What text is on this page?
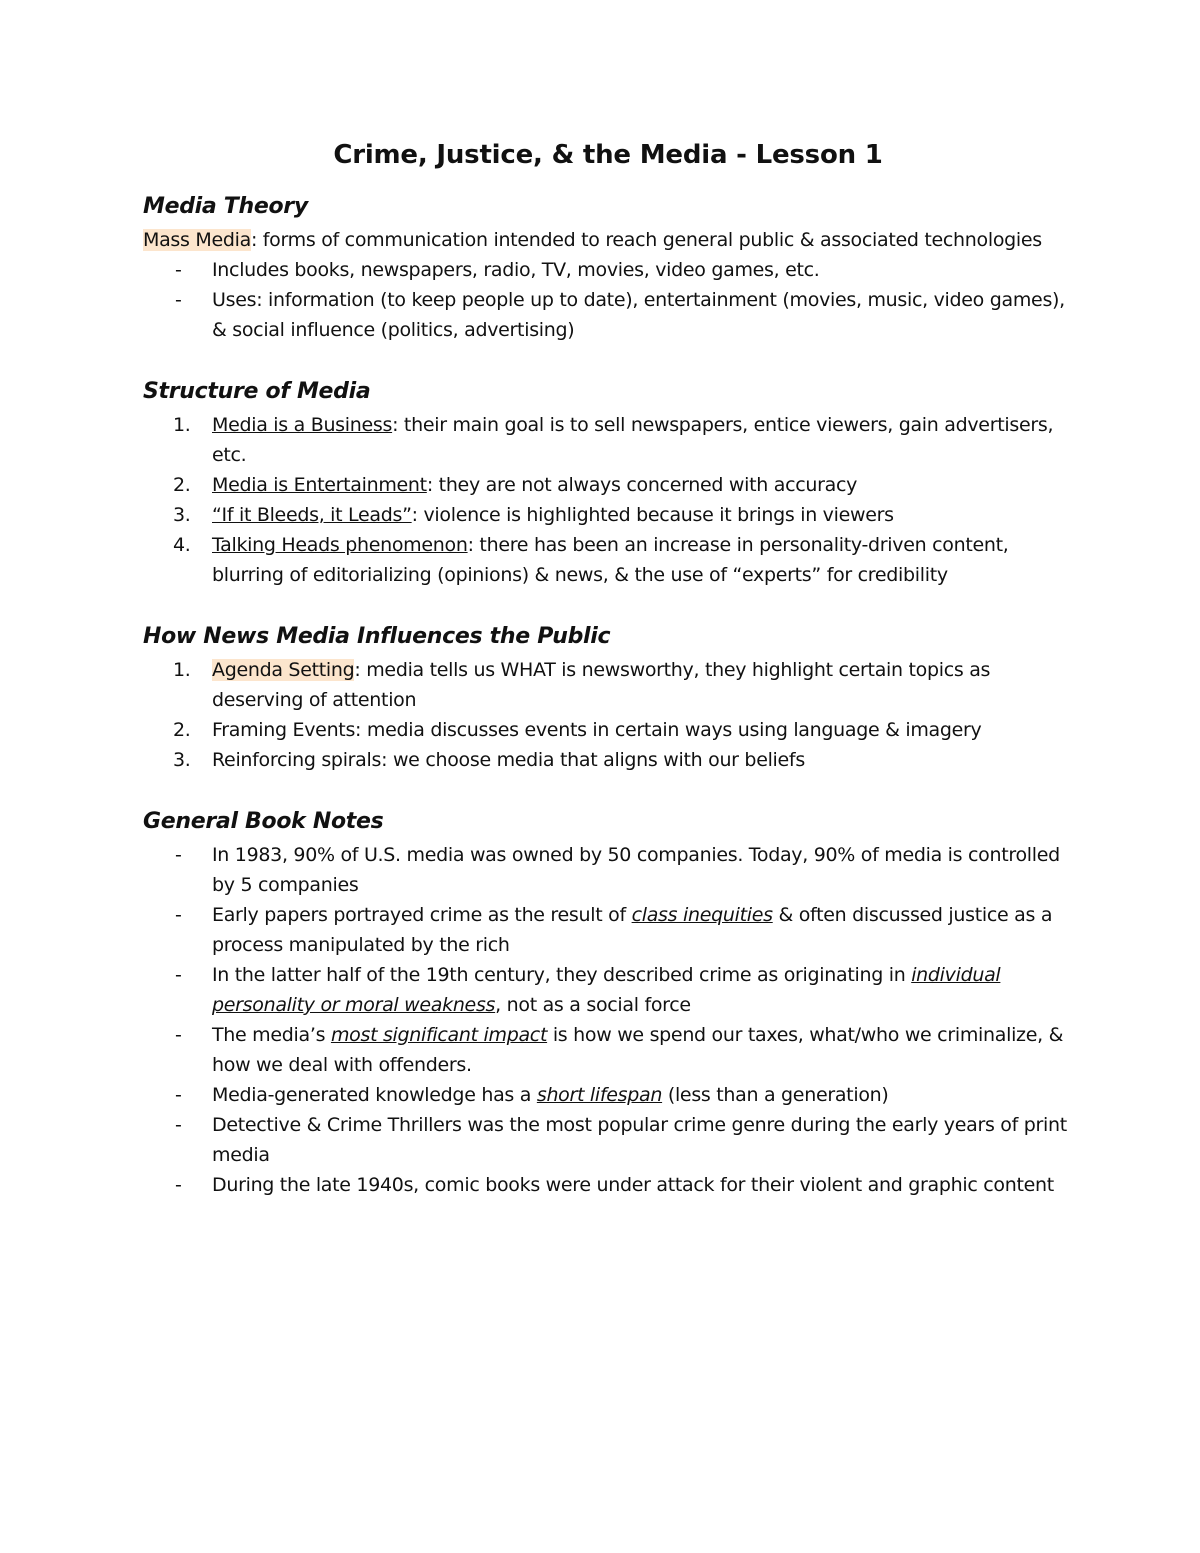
Crime, Justice, & the Media - Lesson 1
Media Theory

Mass Media: forms of communication intended to reach general public & associated technologies

- Includes books, newspapers, radio, TV, movies, video games, etc.
- Uses: information (to keep people up to date), entertainment (movies, music, video games), & social influence (politics, advertising)
Structure of Media
1. Media is a Business: their main goal is to sell newspapers, entice viewers, gain advertisers, etc.
2. Media is Entertainment: they are not always concerned with accuracy
3. “If it Bleeds, it Leads”: violence is highlighted because it brings in viewers
4. Talking Heads phenomenon: there has been an increase in personality-driven content, blurring of editorializing (opinions) & news, & the use of “experts” for credibility
How News Media Influences the Public
1. Agenda Setting: media tells us WHAT is newsworthy, they highlight certain topics as deserving of attention
2. Framing Events: media discusses events in certain ways using language & imagery
3. Reinforcing spirals: we choose media that aligns with our beliefs
General Book Notes
- In 1983, 90% of U.S. media was owned by 50 companies. Today, 90% of media is controlled by 5 companies
- Early papers portrayed crime as the result of class inequities & often discussed justice as a process manipulated by the rich
- In the latter half of the 19th century, they described crime as originating in individual personality or moral weakness, not as a social force
- The media’s most significant impact is how we spend our taxes, what/who we criminalize, & how we deal with offenders.
- Media-generated knowledge has a short lifespan (less than a generation)
- Detective & Crime Thrillers was the most popular crime genre during the early years of print media
- During the late 1940s, comic books were under attack for their violent and graphic content
